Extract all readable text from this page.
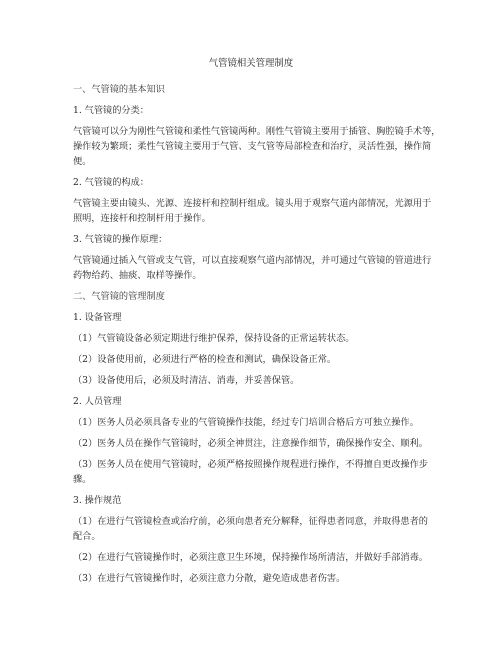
气管镜相关管理制度
一、气管镜的基本知识
1. 气管镜的分类：
气管镜可以分为刚性气管镜和柔性气管镜两种。刚性气管镜主要用于插管、胸腔镜手术等，
操作较为繁琐；柔性气管镜主要用于气管、支气管等局部检查和治疗，灵活性强，操作简
便。
2. 气管镜的构成：
气管镜主要由镜头、光源、连接杆和控制杆组成。镜头用于观察气道内部情况，光源用于
照明，连接杆和控制杆用于操作。
3. 气管镜的操作原理：
气管镜通过插入气管或支气管，可以直接观察气道内部情况，并可通过气管镜的管道进行
药物给药、抽痰、取样等操作。
二、气管镜的管理制度
1. 设备管理
（1）气管镜设备必须定期进行维护保养，保持设备的正常运转状态。
（2）设备使用前，必须进行严格的检查和测试，确保设备正常。
（3）设备使用后，必须及时清洁、消毒，并妥善保管。
2. 人员管理
（1）医务人员必须具备专业的气管镜操作技能，经过专门培训合格后方可独立操作。
（2）医务人员在操作气管镜时，必须全神贯注，注意操作细节，确保操作安全、顺利。
（3）医务人员在使用气管镜时，必须严格按照操作规程进行操作，不得擅自更改操作步
骤。
3. 操作规范
（1）在进行气管镜检查或治疗前，必须向患者充分解释，征得患者同意，并取得患者的
配合。
（2）在进行气管镜操作时，必须注意卫生环境，保持操作场所清洁，并做好手部消毒。
（3）在进行气管镜操作时，必须注意力分散，避免造成患者伤害。
